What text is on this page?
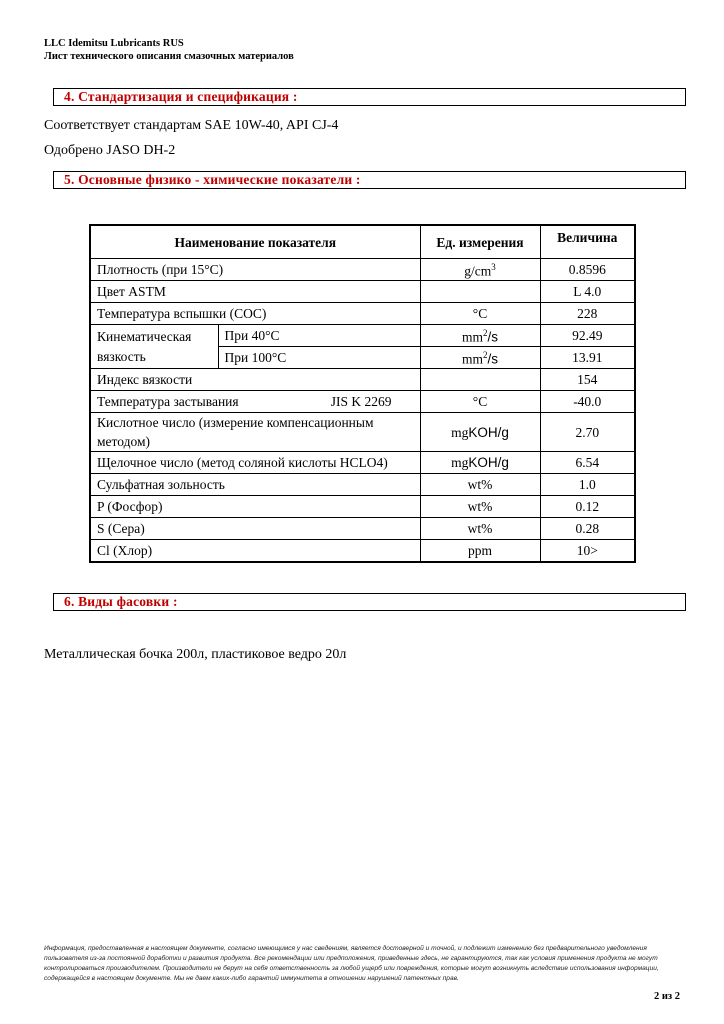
LLC Idemitsu Lubricants RUS
Лист технического описания смазочных материалов
4. Стандартизация и спецификация :
Соответствует стандартам SAE 10W-40, API CJ-4
Одобрено JASO DH-2
5. Основные физико - химические показатели :
Наименование показателя		Ед. измерения	Величина
Плотность (при 15°C)		$g/cm^3$	0.8596
Цвет ASTM			L 4.0
Температура вспышки (COC)		°C	228
Кинематическая вязкость	При 40°C	$mm^2/s$	92.49
	При 100°C	$mm^2/s$	13.91
Индекс вязкости			154
Температура застывания JIS K 2269		°C	-40.0
Кислотное число (измерение компенсационным методом)		mgKOH/g	2.70
Щелочное число (метод соляной кислоты HCLO4)		mgKOH/g	6.54
Сульфатная зольность		wt%	1.0
P (Фосфор)		wt%	0.12
S (Сера)		wt%	0.28
Cl (Хлор)		ppm	10>
6. Виды фасовки :
Металлическая бочка 200л, пластиковое ведро 20л
Информация, предоставленная в настоящем документе, согласно имеющимся у нас сведениям, является достоверной и точной, и подлежит изменению без предварительного уведомления пользователя из-за постоянной доработки и развития продукта. Все рекомендации или предположения, приведенные здесь, не гарантируются, так как условия применения продукта не могут контролироваться производителем. Производители не берут на себя ответственность за любой ущерб или повреждения, которые могут возникнуть вследствие использования информации, содержащейся в настоящем документе. Мы не даем каких-либо гарантий иммунитета в отношении нарушений патентных прав.
2 из 2
